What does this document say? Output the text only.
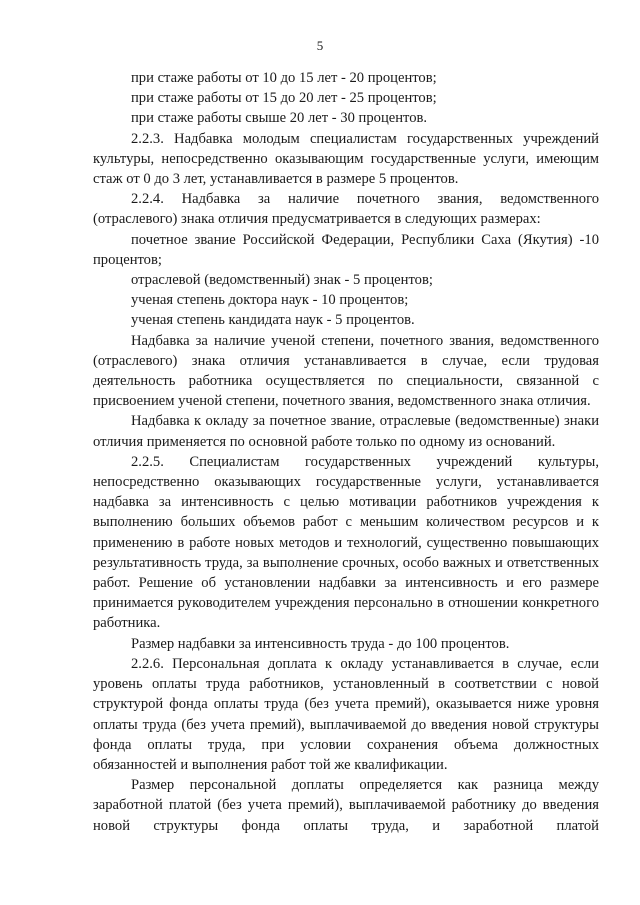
5

при стаже работы от 10 до 15 лет - 20 процентов;

при стаже работы от 15 до 20 лет - 25 процентов;

при стаже работы свыше 20 лет - 30 процентов.

2.2.3. Надбавка молодым специалистам государственных учреждений культуры, непосредственно оказывающим государственные услуги, имеющим стаж от 0 до 3 лет, устанавливается в размере 5 процентов.

2.2.4. Надбавка за наличие почетного звания, ведомственного (отраслевого) знака отличия предусматривается в следующих размерах:

почетное звание Российской Федерации, Республики Саха (Якутия) -10 процентов;

отраслевой (ведомственный) знак - 5 процентов;

ученая степень доктора наук - 10 процентов;

ученая степень кандидата наук - 5 процентов.

Надбавка за наличие ученой степени, почетного звания, ведомственного (отраслевого) знака отличия устанавливается в случае, если трудовая деятельность работника осуществляется по специальности, связанной с присвоением ученой степени, почетного звания, ведомственного знака отличия.

Надбавка к окладу за почетное звание, отраслевые (ведомственные) знаки отличия применяется по основной работе только по одному из оснований.

2.2.5. Специалистам государственных учреждений культуры, непосредственно оказывающих государственные услуги, устанавливается надбавка за интенсивность с целью мотивации работников учреждения к выполнению больших объемов работ с меньшим количеством ресурсов и к применению в работе новых методов и технологий, существенно повышающих результативность труда, за выполнение срочных, особо важных и ответственных работ. Решение об установлении надбавки за интенсивность и его размере принимается руководителем учреждения персонально в отношении конкретного работника.

Размер надбавки за интенсивность труда - до 100 процентов.

2.2.6. Персональная доплата к окладу устанавливается в случае, если уровень оплаты труда работников, установленный в соответствии с новой структурой фонда оплаты труда (без учета премий), оказывается ниже уровня оплаты труда (без учета премий), выплачиваемой до введения новой структуры фонда оплаты труда, при условии сохранения объема должностных обязанностей и выполнения работ той же квалификации.

Размер персональной доплаты определяется как разница между заработной платой (без учета премий), выплачиваемой работнику до введения новой структуры фонда оплаты труда, и заработной платой
